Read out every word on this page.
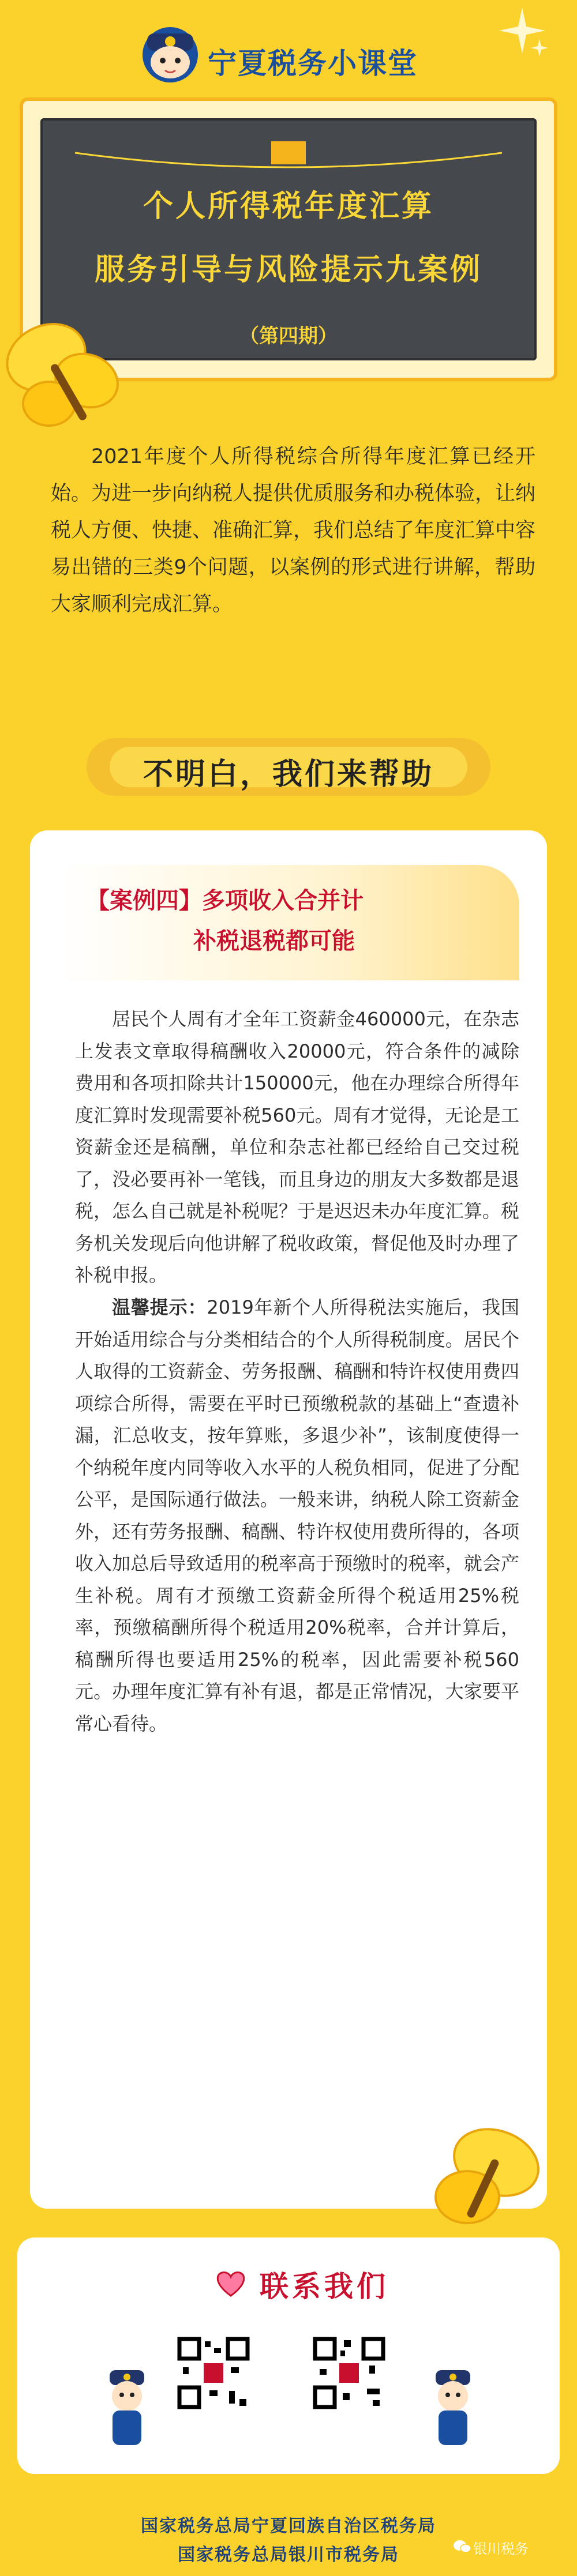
宁夏税务小课堂
个人所得税年度汇算
服务引导与风险提示九案例
（第四期）
2021年度个人所得税综合所得年度汇算已经开始。为进一步向纳税人提供优质服务和办税体验，让纳税人方便、快捷、准确汇算，我们总结了年度汇算中容易出错的三类9个问题，以案例的形式进行讲解，帮助大家顺利完成汇算。
不明白，我们来帮助
【案例四】多项收入合并计
补税退税都可能
居民个人周有才全年工资薪金460000元，在杂志上发表文章取得稿酬收入20000元，符合条件的减除费用和各项扣除共计150000元，他在办理综合所得年度汇算时发现需要补税560元。周有才觉得，无论是工资薪金还是稿酬，单位和杂志社都已经给自己交过税了，没必要再补一笔钱，而且身边的朋友大多数都是退税，怎么自己就是补税呢？于是迟迟未办年度汇算。税务机关发现后向他讲解了税收政策，督促他及时办理了补税申报。
温馨提示：2019年新个人所得税法实施后，我国开始适用综合与分类相结合的个人所得税制度。居民个人取得的工资薪金、劳务报酬、稿酬和特许权使用费四项综合所得，需要在平时已预缴税款的基础上“查遗补漏，汇总收支，按年算账，多退少补”，该制度使得一个纳税年度内同等收入水平的人税负相同，促进了分配公平，是国际通行做法。一般来讲，纳税人除工资薪金外，还有劳务报酬、稿酬、特许权使用费所得的，各项收入加总后导致适用的税率高于预缴时的税率，就会产生补税。周有才预缴工资薪金所得个税适用25%税率，预缴稿酬所得个税适用20%税率，合并计算后，稿酬所得也要适用25%的税率，因此需要补税560元。办理年度汇算有补有退，都是正常情况，大家要平常心看待。
联系我们
国家税务总局宁夏回族自治区税务局
国家税务总局银川市税务局	银川税务
